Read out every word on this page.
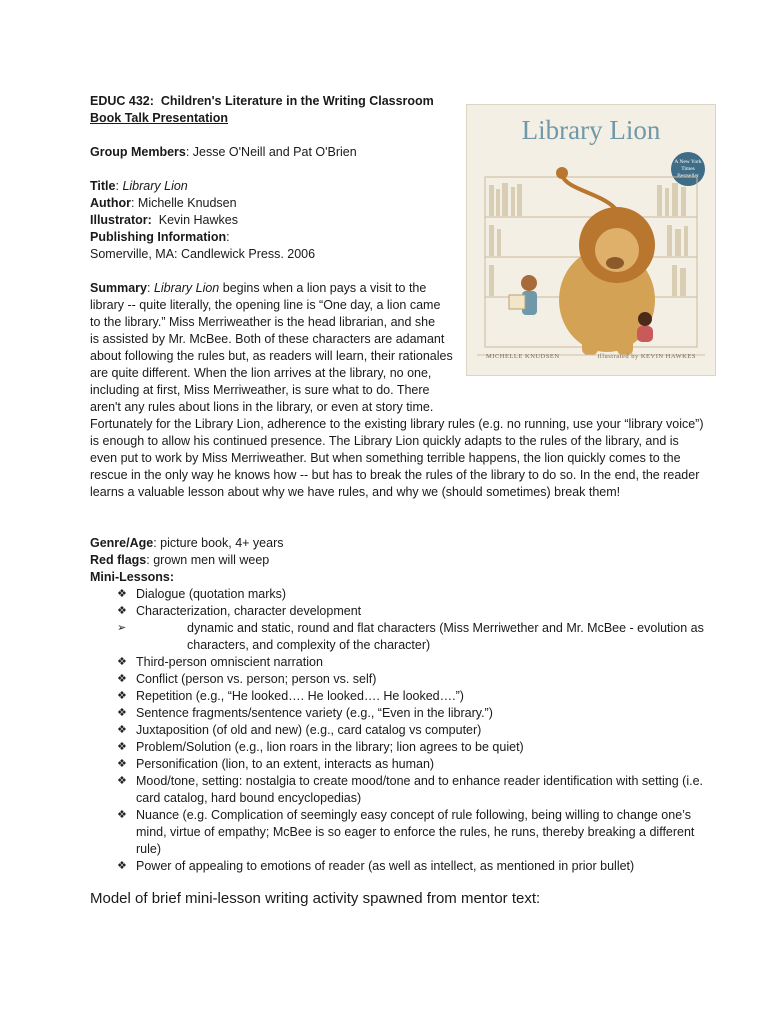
Library Lion
A New York Times Bestseller
MICHELLE KNUDSEN	illustrated by KEVIN HAWKES
EDUC 432: Children's Literature in the Writing Classroom
Book Talk Presentation
Group Members: Jesse O'Neill and Pat O'Brien
Title: Library Lion
Author: Michelle Knudsen
Illustrator: Kevin Hawkes
Publishing Information:
Somerville, MA: Candlewick Press. 2006
Summary: Library Lion begins when a lion pays a visit to the
library -- quite literally, the opening line is “One day, a lion came
to the library.” Miss Merriweather is the head librarian, and she
is assisted by Mr. McBee. Both of these characters are adamant
about following the rules but, as readers will learn, their rationales
are quite different. When the lion arrives at the library, no one,
including at first, Miss Merriweather, is sure what to do. There
aren't any rules about lions in the library, or even at story time.
Fortunately for the Library Lion, adherence to the existing library rules (e.g. no running, use your “library voice”)
is enough to allow his continued presence. The Library Lion quickly adapts to the rules of the library, and is
even put to work by Miss Merriweather. But when something terrible happens, the lion quickly comes to the
rescue in the only way he knows how -- but has to break the rules of the library to do so. In the end, the reader
learns a valuable lesson about why we have rules, and why we (should sometimes) break them!
Genre/Age: picture book, 4+ years
Red flags: grown men will weep
Mini-Lessons:
❖ Dialogue (quotation marks)
❖ Characterization, character development
➢	dynamic and static, round and flat characters (Miss Merriwether and Mr. McBee - evolution as
characters, and complexity of the character)
❖ Third-person omniscient narration
❖ Conflict (person vs. person; person vs. self)
❖ Repetition (e.g., “He looked…. He looked…. He looked….”)
❖ Sentence fragments/sentence variety (e.g., “Even in the library.”)
❖ Juxtaposition (of old and new) (e.g., card catalog vs computer)
❖ Problem/Solution (e.g., lion roars in the library; lion agrees to be quiet)
❖ Personification (lion, to an extent, interacts as human)
❖ Mood/tone, setting: nostalgia to create mood/tone and to enhance reader identification with setting (i.e.
card catalog, hard bound encyclopedias)
❖ Nuance (e.g. Complication of seemingly easy concept of rule following, being willing to change one’s
mind, virtue of empathy; McBee is so eager to enforce the rules, he runs, thereby breaking a different
rule)
❖ Power of appealing to emotions of reader (as well as intellect, as mentioned in prior bullet)
Model of brief mini-lesson writing activity spawned from mentor text:
